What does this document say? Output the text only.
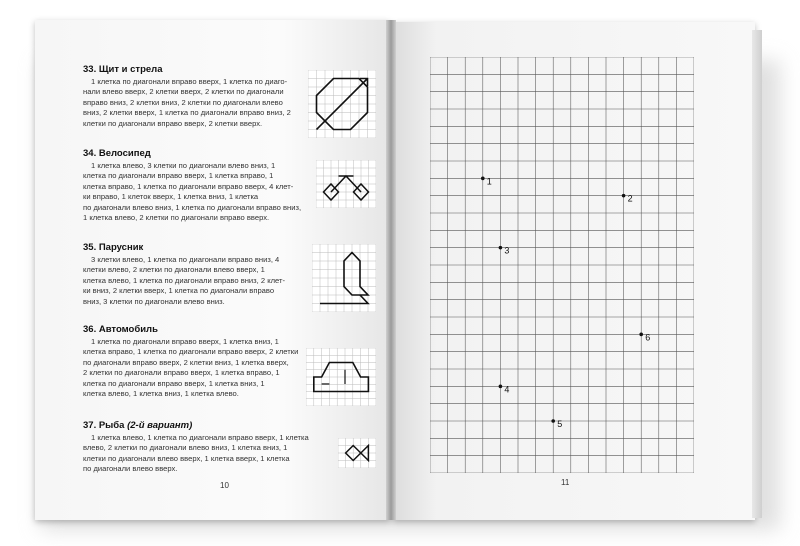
33. Щит и стрела
1 клетка по диагонали вправо вверх, 1 клетка по диаго-
нали влево вверх, 2 клетки вверх, 2 клетки по диагонали
вправо вниз, 2 клетки вниз, 2 клетки по диагонали влево
вниз, 2 клетки вверх, 1 клетка по диагонали вправо вниз, 2
клетки по диагонали вправо вверх, 2 клетки вверх.
34. Велосипед
1 клетка влево, 3 клетки по диагонали влево вниз, 1
клетка по диагонали вправо вверх, 1 клетка вправо, 1
клетка вправо, 1 клетка по диагонали вправо вверх, 4 клет-
ки вправо, 1 клеток вверх, 1 клетка вниз, 1 клетка
по диагонали влево вниз, 1 клетка по диагонали вправо вниз,
1 клетка влево, 2 клетки по диагонали вправо вверх.
35. Парусник
3 клетки влево, 1 клетка по диагонали вправо вниз, 4
клетки влево, 2 клетки по диагонали влево вверх, 1
клетка влево, 1 клетка по диагонали вправо вниз, 2 клет-
ки вниз, 2 клетки вверх, 1 клетка по диагонали вправо
вниз, 3 клетки по диагонали влево вниз.
36. Автомобиль
1 клетка по диагонали вправо вверх, 1 клетка вниз, 1
клетка вправо, 1 клетка по диагонали вправо вверх, 2 клетки
по диагонали вправо вверх, 2 клетки вниз, 1 клетка вверх,
2 клетки по диагонали вправо вверх, 1 клетка вправо, 1
клетка по диагонали вправо вверх, 1 клетка вниз, 1
клетка влево, 1 клетка вниз, 1 клетка влево.
37. Рыба (2-й вариант)
1 клетка влево, 1 клетка по диагонали вправо вверх, 1 клетка
влево, 2 клетки по диагонали влево вниз, 1 клетка вниз, 1
клетки по диагонали влево вверх, 1 клетка вверх, 1 клетка
по диагонали влево вверх.
10	11
1
2
3
4
5
6
